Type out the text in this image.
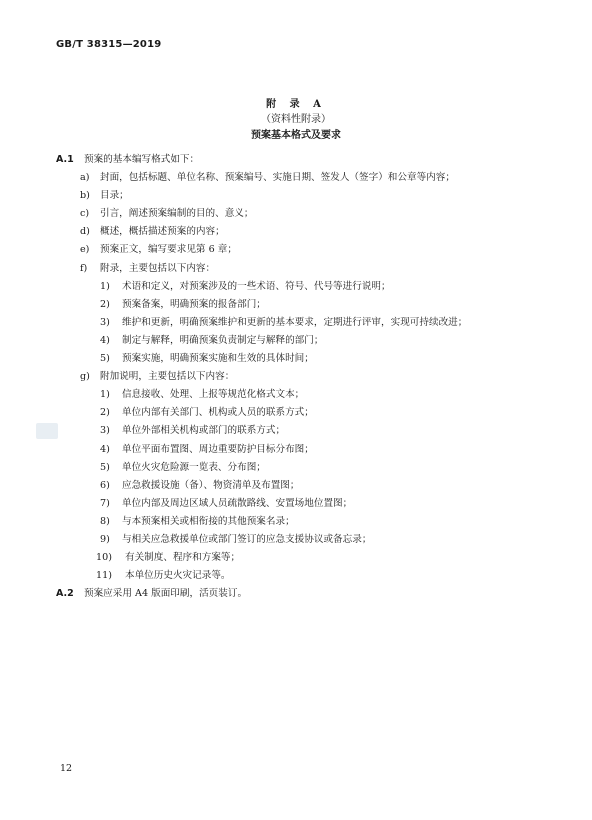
GB/T 38315—2019
附 录 A
（资料性附录）
预案基本格式及要求
A.1 预案的基本编写格式如下：
a)	封面，包括标题、单位名称、预案编号、实施日期、签发人（签字）和公章等内容；
b)	目录；
c)	引言，阐述预案编制的目的、意义；
d)	概述，概括描述预案的内容；
e)	预案正文，编写要求见第 6 章；
f)	附录，主要包括以下内容：
1)	术语和定义，对预案涉及的一些术语、符号、代号等进行说明；
2)	预案备案，明确预案的报备部门；
3)	维护和更新，明确预案维护和更新的基本要求，定期进行评审，实现可持续改进；
4)	制定与解释，明确预案负责制定与解释的部门；
5)	预案实施，明确预案实施和生效的具体时间；
g)	附加说明，主要包括以下内容：
1)	信息接收、处理、上报等规范化格式文本；
2)	单位内部有关部门、机构或人员的联系方式；
3)	单位外部相关机构或部门的联系方式；
4)	单位平面布置图、周边重要防护目标分布图；
5)	单位火灾危险源一览表、分布图；
6)	应急救援设施（备）、物资清单及布置图；
7)	单位内部及周边区域人员疏散路线、安置场地位置图；
8)	与本预案相关或相衔接的其他预案名录；
9)	与相关应急救援单位或部门签订的应急支援协议或备忘录；
10) 有关制度、程序和方案等；
11) 本单位历史火灾记录等。
A.2 预案应采用 A4 版面印刷，活页装订。
12
